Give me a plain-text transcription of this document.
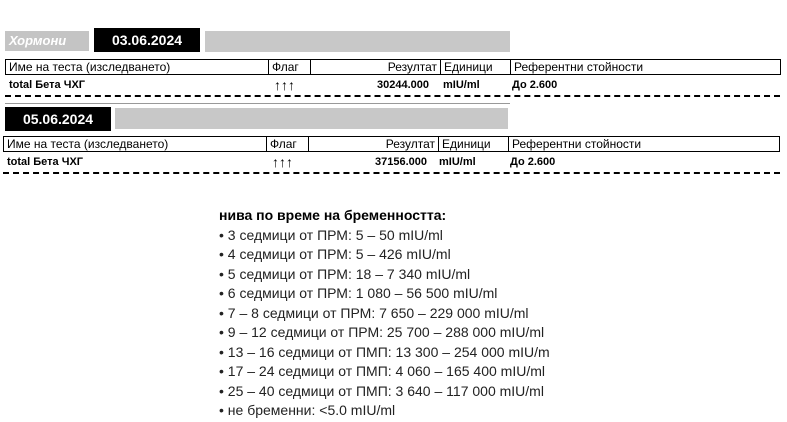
Хормони	03.06.2024
Име на теста (изследването)	Флаг	Резултат Единици	Референтни стойности
total Бета ЧХГ	↑↑↑	30244.000 mIU/ml	До 2.600
05.06.2024
Име на теста (изследването)	Флаг	Резултат Единици	Референтни стойности
total Бета ЧХГ	↑↑↑	37156.000 mIU/ml	До 2.600
нива по време на бременността:
• 3 седмици от ПРМ: 5 – 50 mIU/ml
• 4 седмици от ПРМ: 5 – 426 mIU/ml
• 5 седмици от ПРМ: 18 – 7 340 mIU/ml
• 6 седмици от ПРМ: 1 080 – 56 500 mIU/ml
• 7 – 8 седмици от ПРМ: 7 650 – 229 000 mIU/ml
• 9 – 12 седмици от ПРМ: 25 700 – 288 000 mIU/ml
• 13 – 16 седмици от ПМП: 13 300 – 254 000 mIU/m
• 17 – 24 седмици от ПМП: 4 060 – 165 400 mIU/ml
• 25 – 40 седмици от ПМП: 3 640 – 117 000 mIU/ml
• не бременни: <5.0 mIU/ml
